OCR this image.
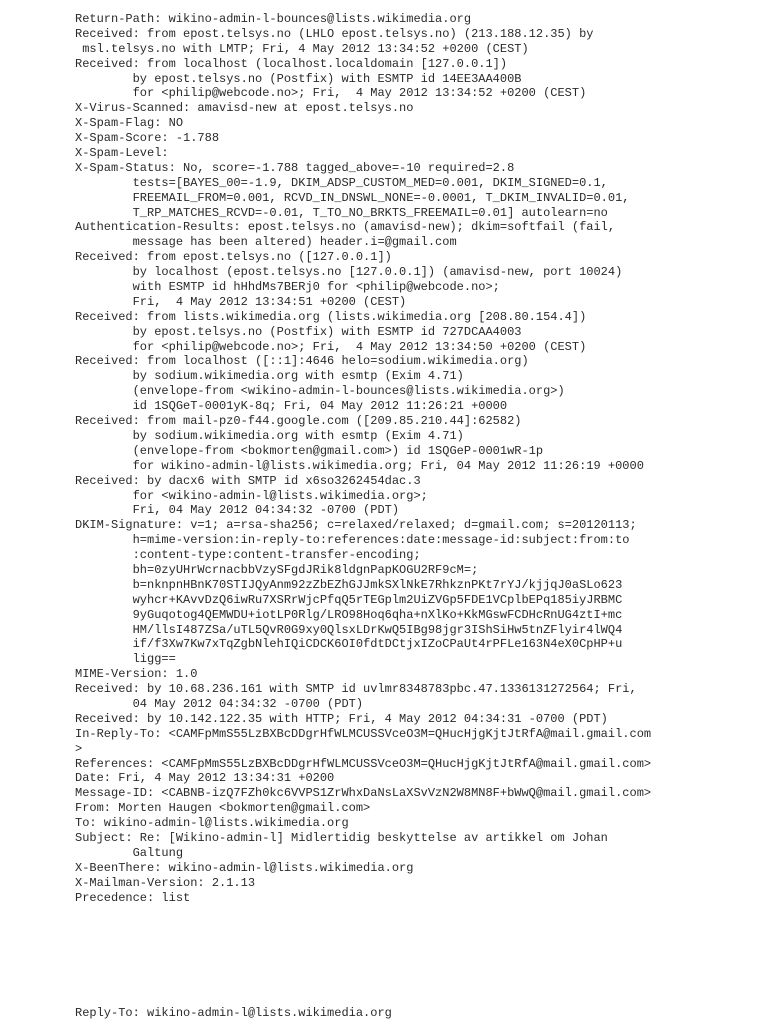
Return-Path: wikino-admin-l-bounces@lists.wikimedia.org
Received: from epost.telsys.no (LHLO epost.telsys.no) (213.188.12.35) by
msl.telsys.no with LMTP; Fri, 4 May 2012 13:34:52 +0200 (CEST)
Received: from localhost (localhost.localdomain [127.0.0.1])
by epost.telsys.no (Postfix) with ESMTP id 14EE3AA400B
for <philip@webcode.no>; Fri,  4 May 2012 13:34:52 +0200 (CEST)
X-Virus-Scanned: amavisd-new at epost.telsys.no
X-Spam-Flag: NO
X-Spam-Score: -1.788
X-Spam-Level:
X-Spam-Status: No, score=-1.788 tagged_above=-10 required=2.8
tests=[BAYES_00=-1.9, DKIM_ADSP_CUSTOM_MED=0.001, DKIM_SIGNED=0.1,
FREEMAIL_FROM=0.001, RCVD_IN_DNSWL_NONE=-0.0001, T_DKIM_INVALID=0.01,
T_RP_MATCHES_RCVD=-0.01, T_TO_NO_BRKTS_FREEMAIL=0.01] autolearn=no
Authentication-Results: epost.telsys.no (amavisd-new); dkim=softfail (fail,
message has been altered) header.i=@gmail.com
Received: from epost.telsys.no ([127.0.0.1])
by localhost (epost.telsys.no [127.0.0.1]) (amavisd-new, port 10024)
with ESMTP id hHhdMs7BERj0 for <philip@webcode.no>;
Fri,  4 May 2012 13:34:51 +0200 (CEST)
Received: from lists.wikimedia.org (lists.wikimedia.org [208.80.154.4])
by epost.telsys.no (Postfix) with ESMTP id 727DCAA4003
for <philip@webcode.no>; Fri,  4 May 2012 13:34:50 +0200 (CEST)
Received: from localhost ([::1]:4646 helo=sodium.wikimedia.org)
by sodium.wikimedia.org with esmtp (Exim 4.71)
(envelope-from <wikino-admin-l-bounces@lists.wikimedia.org>)
id 1SQGeT-0001yK-8q; Fri, 04 May 2012 11:26:21 +0000
Received: from mail-pz0-f44.google.com ([209.85.210.44]:62582)
by sodium.wikimedia.org with esmtp (Exim 4.71)
(envelope-from <bokmorten@gmail.com>) id 1SQGeP-0001wR-1p
for wikino-admin-l@lists.wikimedia.org; Fri, 04 May 2012 11:26:19 +0000
Received: by dacx6 with SMTP id x6so3262454dac.3
for <wikino-admin-l@lists.wikimedia.org>;
Fri, 04 May 2012 04:34:32 -0700 (PDT)
DKIM-Signature: v=1; a=rsa-sha256; c=relaxed/relaxed; d=gmail.com; s=20120113;
h=mime-version:in-reply-to:references:date:message-id:subject:from:to
:content-type:content-transfer-encoding;
bh=0zyUHrWcrnacbbVzySFgdJRik8ldgnPapKOGU2RF9cM=;
b=nknpnHBnK70STIJQyAnm92zZbEZhGJJmkSXlNkE7RhkznPKt7rYJ/kjjqJ0aSLo623
wyhcr+KAvvDzQ6iwRu7XSRrWjcPfqQ5rTEGplm2UiZVGp5FDE1VCplbEPq185iyJRBMC
9yGuqotog4QEMWDU+iotLP0Rlg/LRO98Hoq6qha+nXlKo+KkMGswFCDHcRnUG4ztI+mc
HM/llsI487ZSa/uTL5QvR0G9xy0QlsxLDrKwQ5IBg98jgr3IShSiHw5tnZFlyir4lWQ4
if/f3Xw7Kw7xTqZgbNlehIQiCDCK6OI0fdtDCtjxIZoCPaUt4rPFLe163N4eX0CpHP+u
ligg==
MIME-Version: 1.0
Received: by 10.68.236.161 with SMTP id uvlmr8348783pbc.47.1336131272564; Fri,
04 May 2012 04:34:32 -0700 (PDT)
Received: by 10.142.122.35 with HTTP; Fri, 4 May 2012 04:34:31 -0700 (PDT)
In-Reply-To: <CAMFpMmS55LzBXBcDDgrHfWLMCUSSVceO3M=QHucHjgKjtJtRfA@mail.gmail.com
>
References: <CAMFpMmS55LzBXBcDDgrHfWLMCUSSVceO3M=QHucHjgKjtJtRfA@mail.gmail.com>
Date: Fri, 4 May 2012 13:34:31 +0200
Message-ID: <CABNB-izQ7FZh0kc6VVPS1ZrWhxDaNsLaXSvVzN2W8MN8F+bWwQ@mail.gmail.com>
From: Morten Haugen <bokmorten@gmail.com>
To: wikino-admin-l@lists.wikimedia.org
Subject: Re: [Wikino-admin-l] Midlertidig beskyttelse av artikkel om Johan
Galtung
X-BeenThere: wikino-admin-l@lists.wikimedia.org
X-Mailman-Version: 2.1.13
Precedence: list
Reply-To: wikino-admin-l@lists.wikimedia.org
